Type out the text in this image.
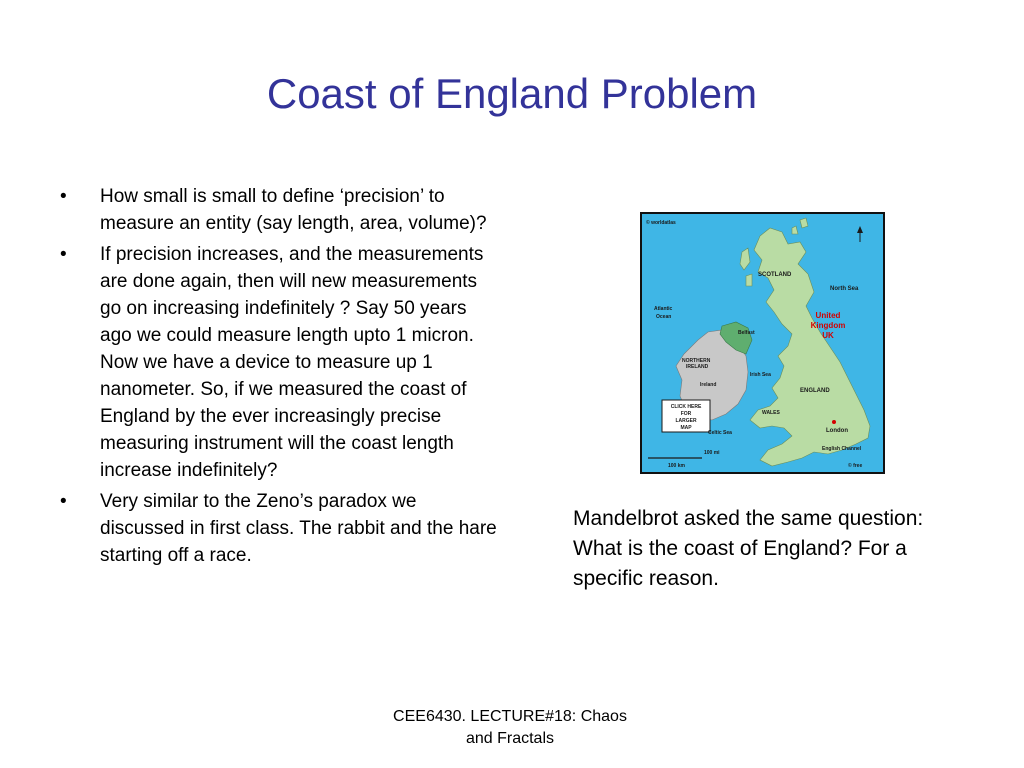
Coast of England Problem
• How small is small to define ‘precision’ to measure an entity (say length, area, volume)?
• If precision increases, and the measurements are done again, then will new measurements go on increasing indefinitely ? Say 50 years ago we could measure length upto 1 micron. Now we have a device to measure up 1 nanometer. So, if we measured the coast of England by the ever increasingly precise measuring instrument will the coast length increase indefinitely?
• Very similar to the Zeno’s paradox we discussed in first class. The rabbit and the hare starting off a race.
CLICK HERE
FOR
LARGER
MAP
© worldatlas
SCOTLAND
North Sea
United
Kingdom
UK
Atlantic
Ocean
Belfast
NORTHERN
IRELAND
Ireland
ENGLAND
WALES
London
Irish Sea
Celtic Sea
English Channel
100 mi
100 km	© free
Mandelbrot asked the same question: What is the coast of England? For a specific reason.
CEE6430. LECTURE#18: Chaos
and Fractals
